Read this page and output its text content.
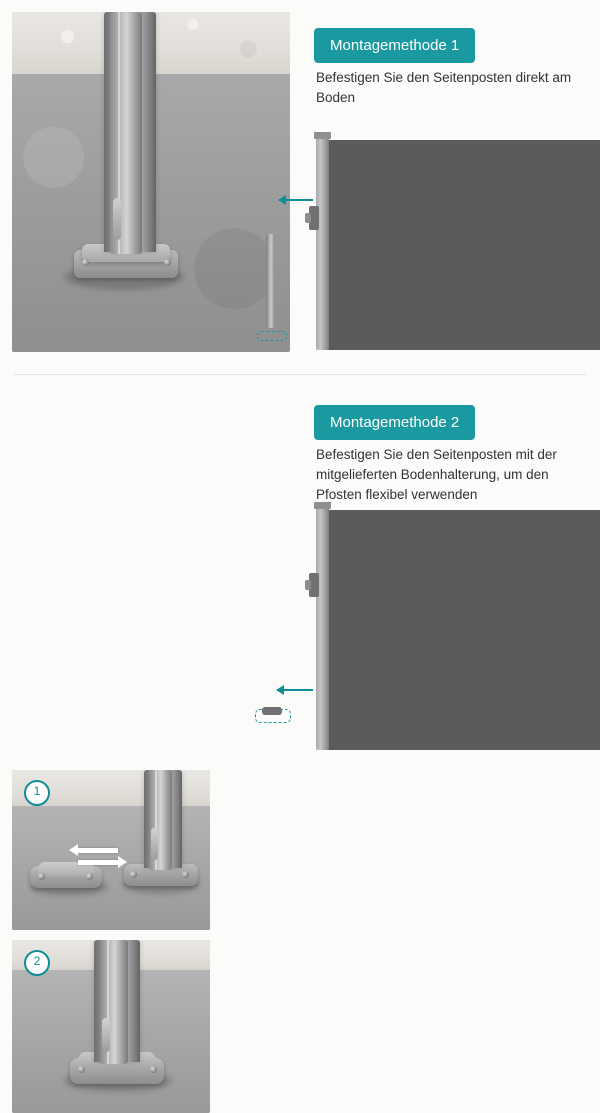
Montagemethode 1
Befestigen Sie den Seitenposten direkt am Boden
1
2
Montagemethode 2
Befestigen Sie den Seitenposten mit der mitgelieferten Bodenhalterung, um den Pfosten flexibel verwenden
